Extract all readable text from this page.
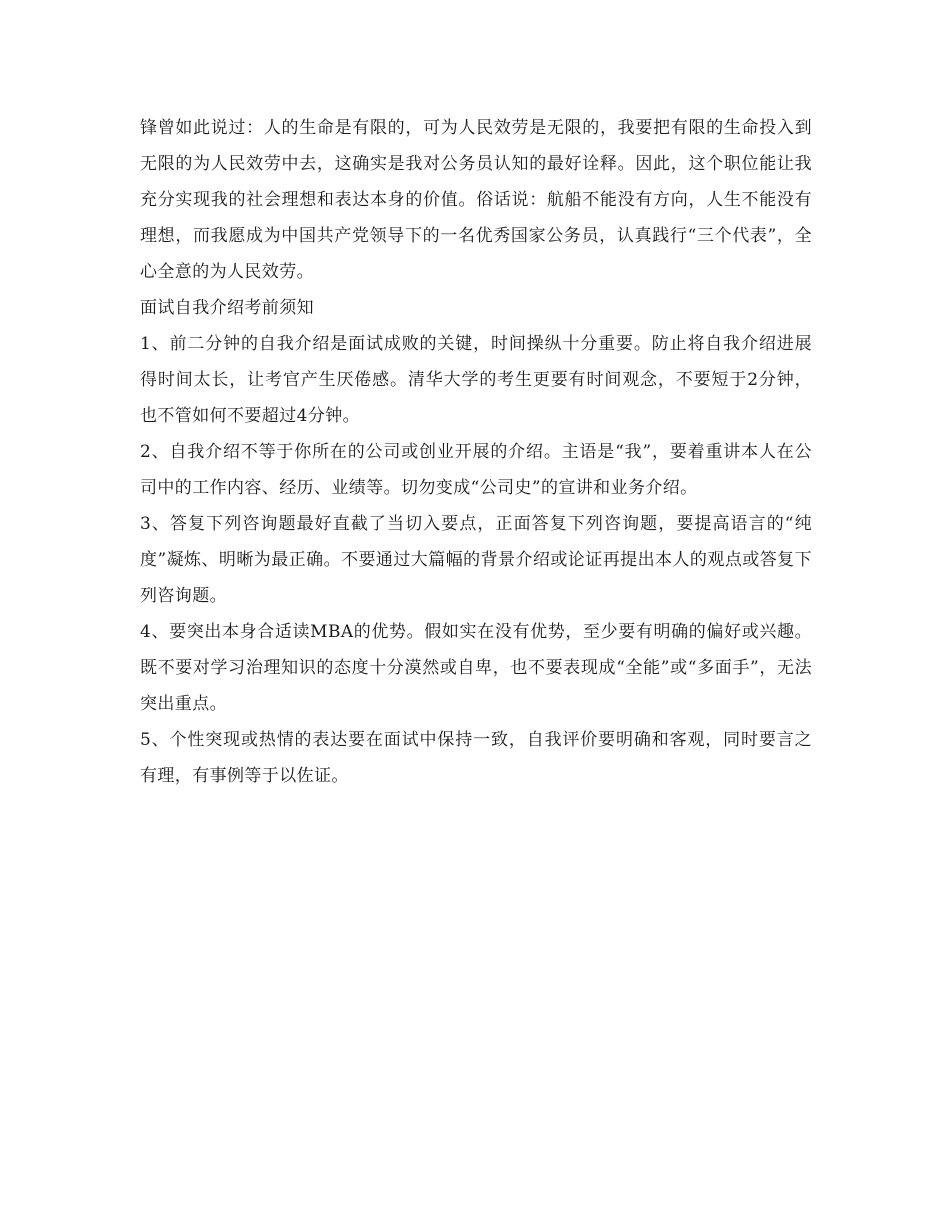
锋曾如此说过：人的生命是有限的，可为人民效劳是无限的，我要把有限的生命投入到无限的为人民效劳中去，这确实是我对公务员认知的最好诠释。因此，这个职位能让我充分实现我的社会理想和表达本身的价值。俗话说：航船不能没有方向，人生不能没有理想，而我愿成为中国共产党领导下的一名优秀国家公务员，认真践行“三个代表”，全心全意的为人民效劳。

面试自我介绍考前须知

1、前二分钟的自我介绍是面试成败的关键，时间操纵十分重要。防止将自我介绍进展得时间太长，让考官产生厌倦感。清华大学的考生更要有时间观念，不要短于2分钟，也不管如何不要超过4分钟。

2、自我介绍不等于你所在的公司或创业开展的介绍。主语是“我”，要着重讲本人在公司中的工作内容、经历、业绩等。切勿变成“公司史”的宣讲和业务介绍。

3、答复下列咨询题最好直截了当切入要点，正面答复下列咨询题，要提高语言的“纯度”凝炼、明晰为最正确。不要通过大篇幅的背景介绍或论证再提出本人的观点或答复下列咨询题。

4、要突出本身合适读MBA的优势。假如实在没有优势，至少要有明确的偏好或兴趣。既不要对学习治理知识的态度十分漠然或自卑，也不要表现成“全能”或“多面手”，无法突出重点。

5、个性突现或热情的表达要在面试中保持一致，自我评价要明确和客观，同时要言之有理，有事例等于以佐证。
